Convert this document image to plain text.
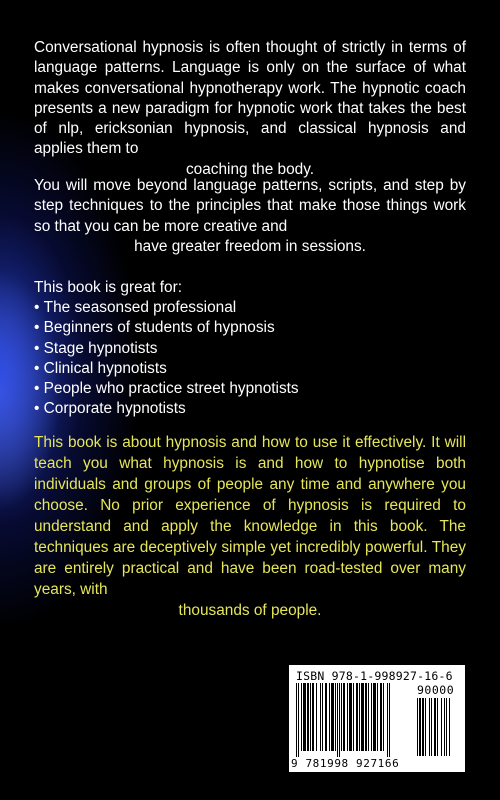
Conversational hypnosis is often thought of strictly in terms of language patterns. Language is only on the surface of what makes conversational hypnotherapy work. The hypnotic coach presents a new paradigm for hypnotic work that takes the best of nlp, ericksonian hypnosis, and classical hypnosis and applies them to
coaching the body.

You will move beyond language patterns, scripts, and step by step techniques to the principles that make those things work so that you can be more creative and
have greater freedom in sessions.

This book is great for:

• The seasonsed professional
• Beginners of students of hypnosis
• Stage hypnotists
• Clinical hypnotists
• People who practice street hypnotists
• Corporate hypnotists

This book is about hypnosis and how to use it effectively. It will teach you what hypnosis is and how to hypnotise both individuals and groups of people any time and anywhere you choose. No prior experience of hypnosis is required to understand and apply the knowledge in this book. The techniques are deceptively simple yet incredibly powerful. They are entirely practical and have been road-tested over many years, with
thousands of people.

ISBN 978-1-998927-16-6
90000
9 781998 927166
